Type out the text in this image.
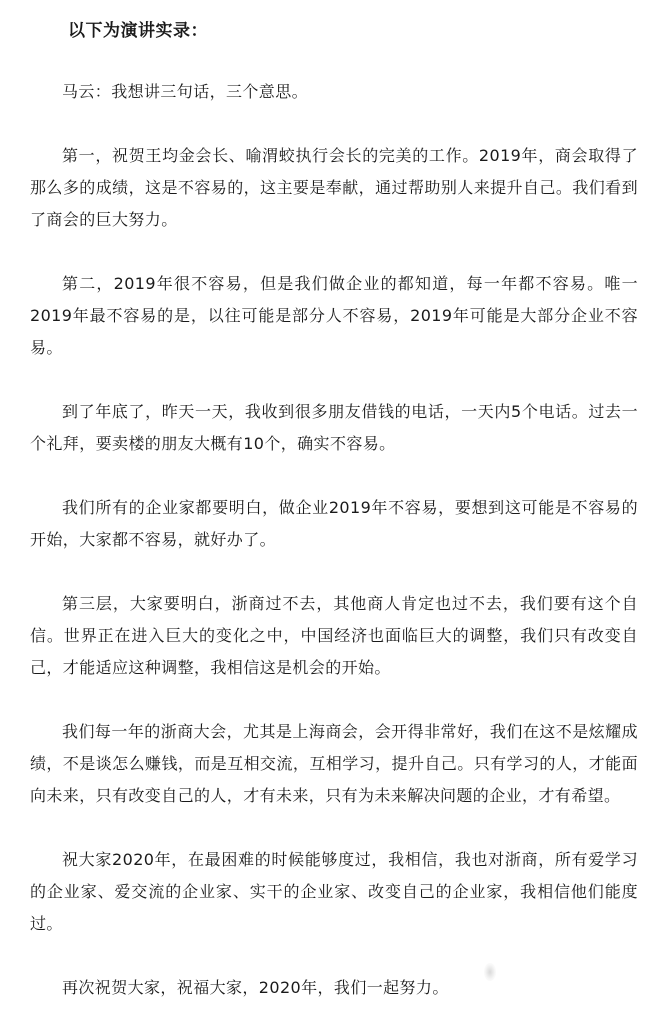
以下为演讲实录：

马云：我想讲三句话，三个意思。

第一，祝贺王均金会长、喻渭蛟执行会长的完美的工作。2019年，商会取得了那么多的成绩，这是不容易的，这主要是奉献，通过帮助别人来提升自己。我们看到了商会的巨大努力。

第二，2019年很不容易，但是我们做企业的都知道，每一年都不容易。唯一2019年最不容易的是，以往可能是部分人不容易，2019年可能是大部分企业不容易。

到了年底了，昨天一天，我收到很多朋友借钱的电话，一天内5个电话。过去一个礼拜，要卖楼的朋友大概有10个，确实不容易。

我们所有的企业家都要明白，做企业2019年不容易，要想到这可能是不容易的开始，大家都不容易，就好办了。

第三层，大家要明白，浙商过不去，其他商人肯定也过不去，我们要有这个自信。世界正在进入巨大的变化之中，中国经济也面临巨大的调整，我们只有改变自己，才能适应这种调整，我相信这是机会的开始。

我们每一年的浙商大会，尤其是上海商会，会开得非常好，我们在这不是炫耀成绩，不是谈怎么赚钱，而是互相交流，互相学习，提升自己。只有学习的人，才能面向未来，只有改变自己的人，才有未来，只有为未来解决问题的企业，才有希望。

祝大家2020年，在最困难的时候能够度过，我相信，我也对浙商，所有爱学习的企业家、爱交流的企业家、实干的企业家、改变自己的企业家，我相信他们能度过。

再次祝贺大家，祝福大家，2020年，我们一起努力。
